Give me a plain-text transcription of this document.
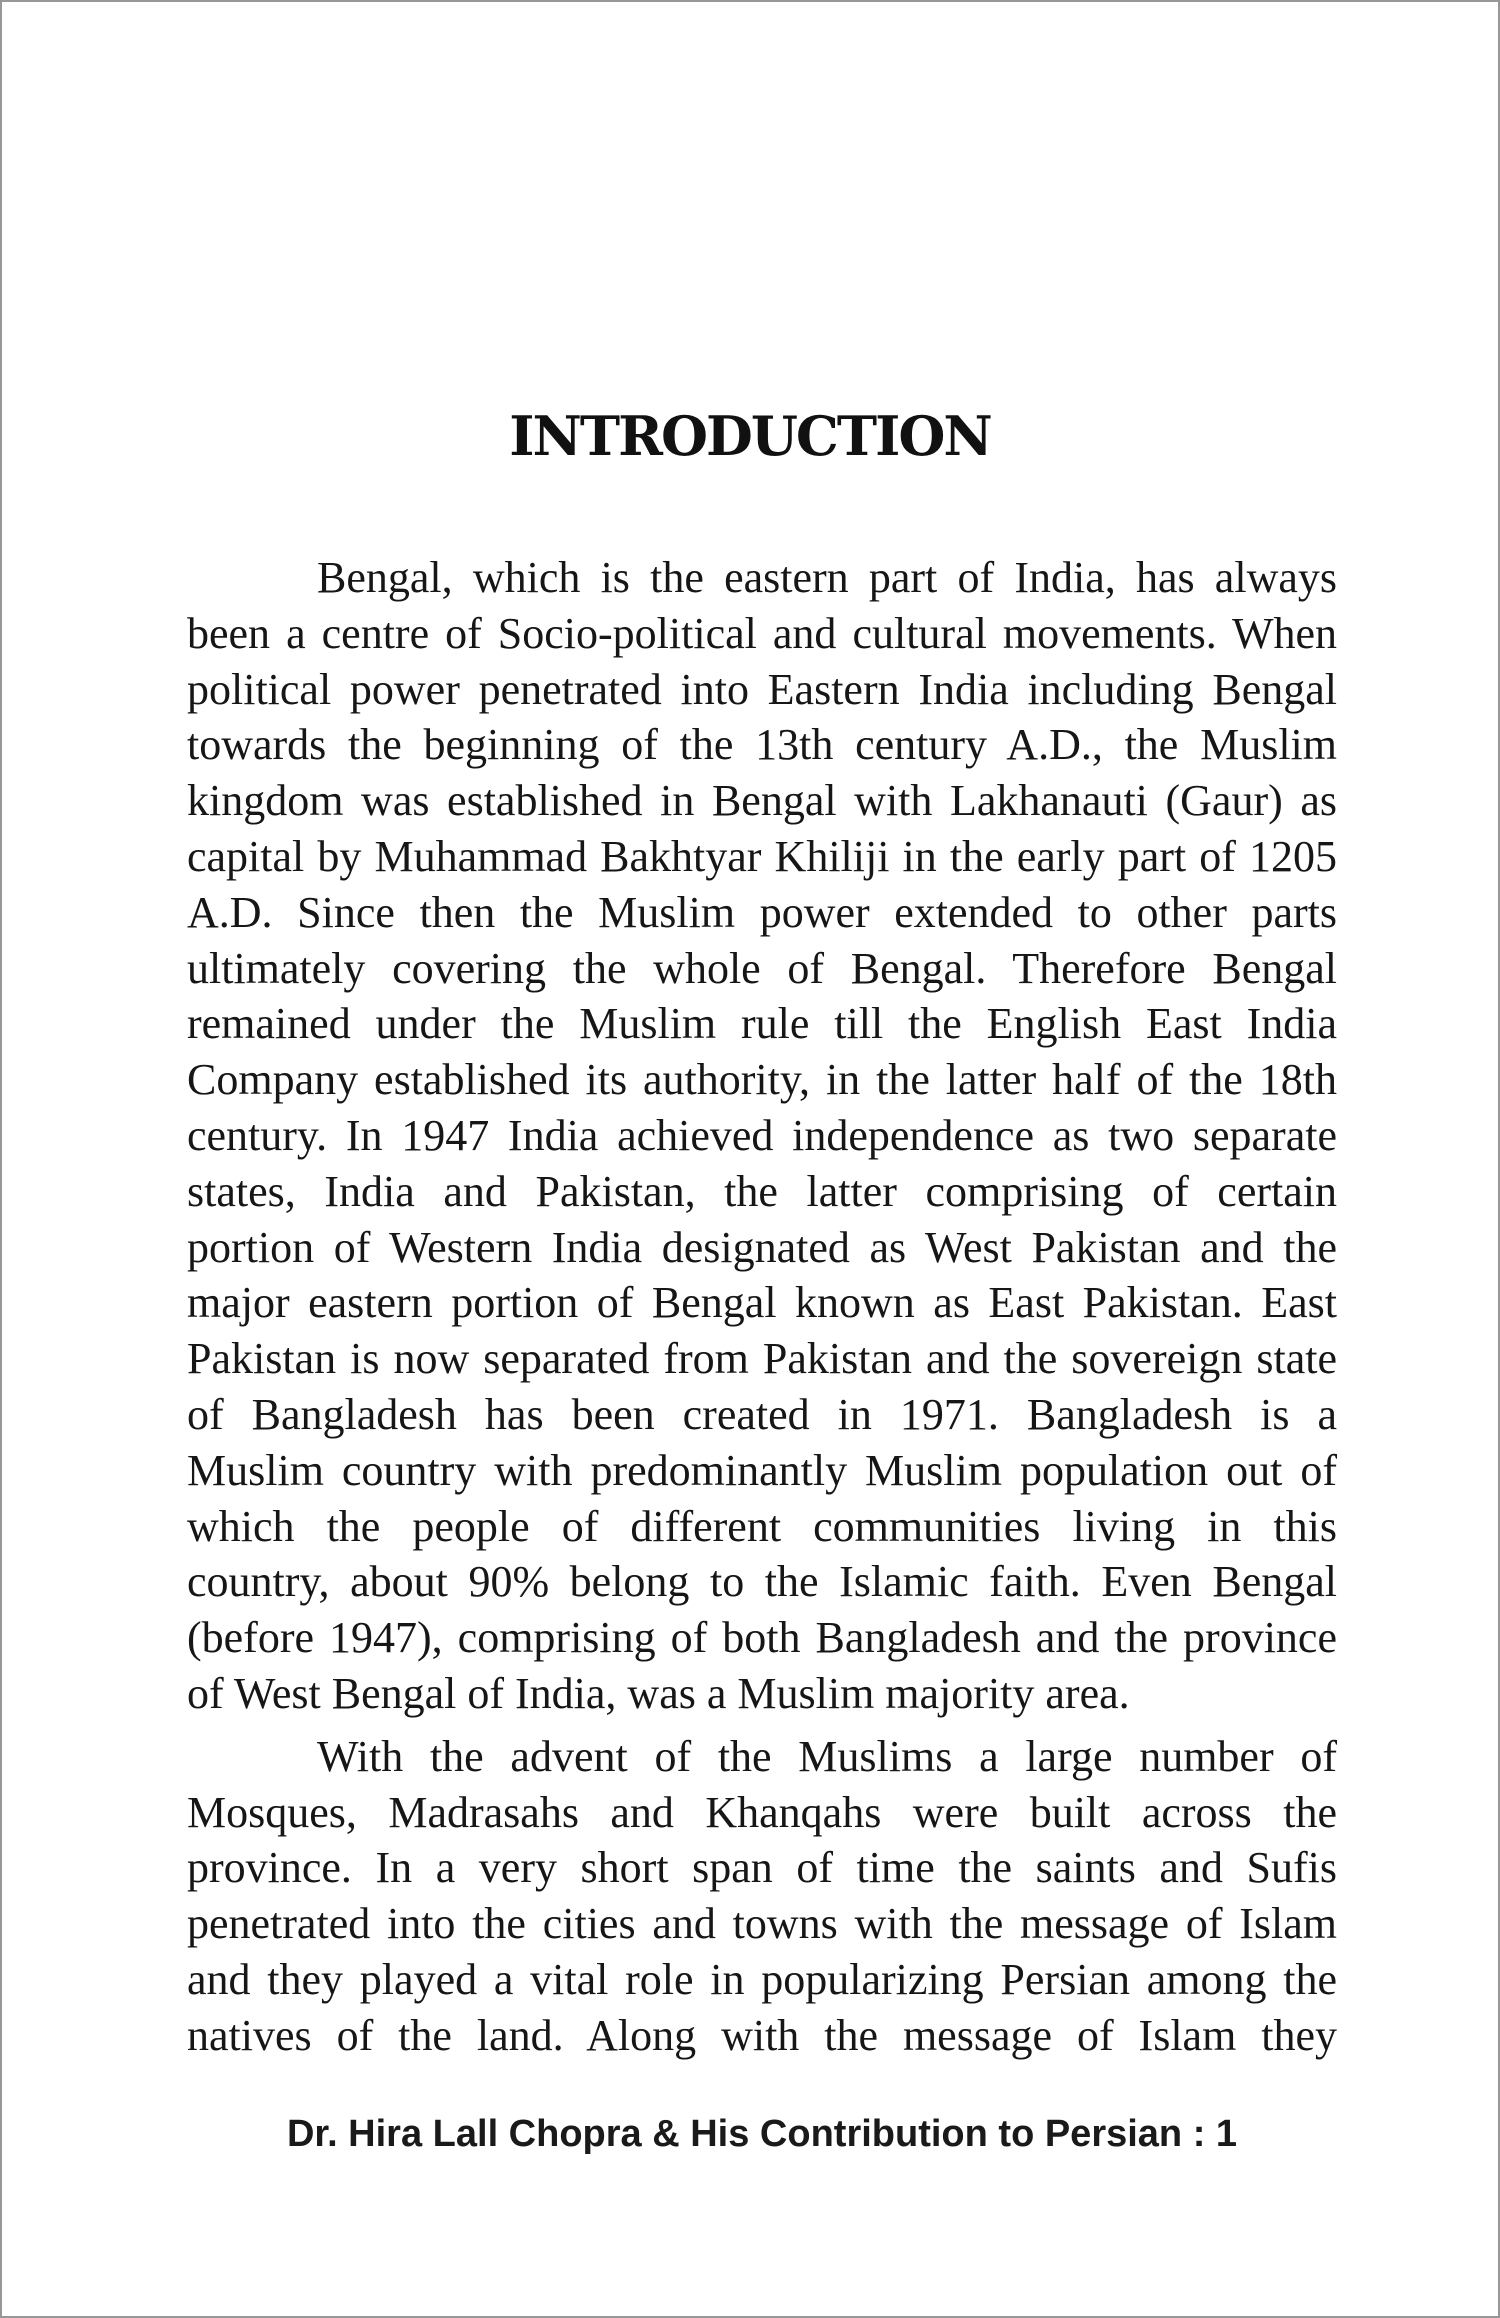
INTRODUCTION
Bengal, which is the eastern part of India, has always
been a centre of Socio-political and cultural movements. When
political power penetrated into Eastern India including Bengal
towards the beginning of the 13th century A.D., the Muslim
kingdom was established in Bengal with Lakhanauti (Gaur) as
capital by Muhammad Bakhtyar Khiliji in the early part of 1205
A.D. Since then the Muslim power extended to other parts
ultimately covering the whole of Bengal. Therefore Bengal
remained under the Muslim rule till the English East India
Company established its authority, in the latter half of the 18th
century. In 1947 India achieved independence as two separate
states, India and Pakistan, the latter comprising of certain
portion of Western India designated as West Pakistan and the
major eastern portion of Bengal known as East Pakistan. East
Pakistan is now separated from Pakistan and the sovereign state
of Bangladesh has been created in 1971. Bangladesh is a
Muslim country with predominantly Muslim population out of
which the people of different communities living in this
country, about 90% belong to the Islamic faith. Even Bengal
(before 1947), comprising of both Bangladesh and the province
of West Bengal of India, was a Muslim majority area.
With the advent of the Muslims a large number of
Mosques, Madrasahs and Khanqahs were built across the
province. In a very short span of time the saints and Sufis
penetrated into the cities and towns with the message of Islam
and they played a vital role in popularizing Persian among the
natives of the land. Along with the message of Islam they
Dr. Hira Lall Chopra & His Contribution to Persian : 1
